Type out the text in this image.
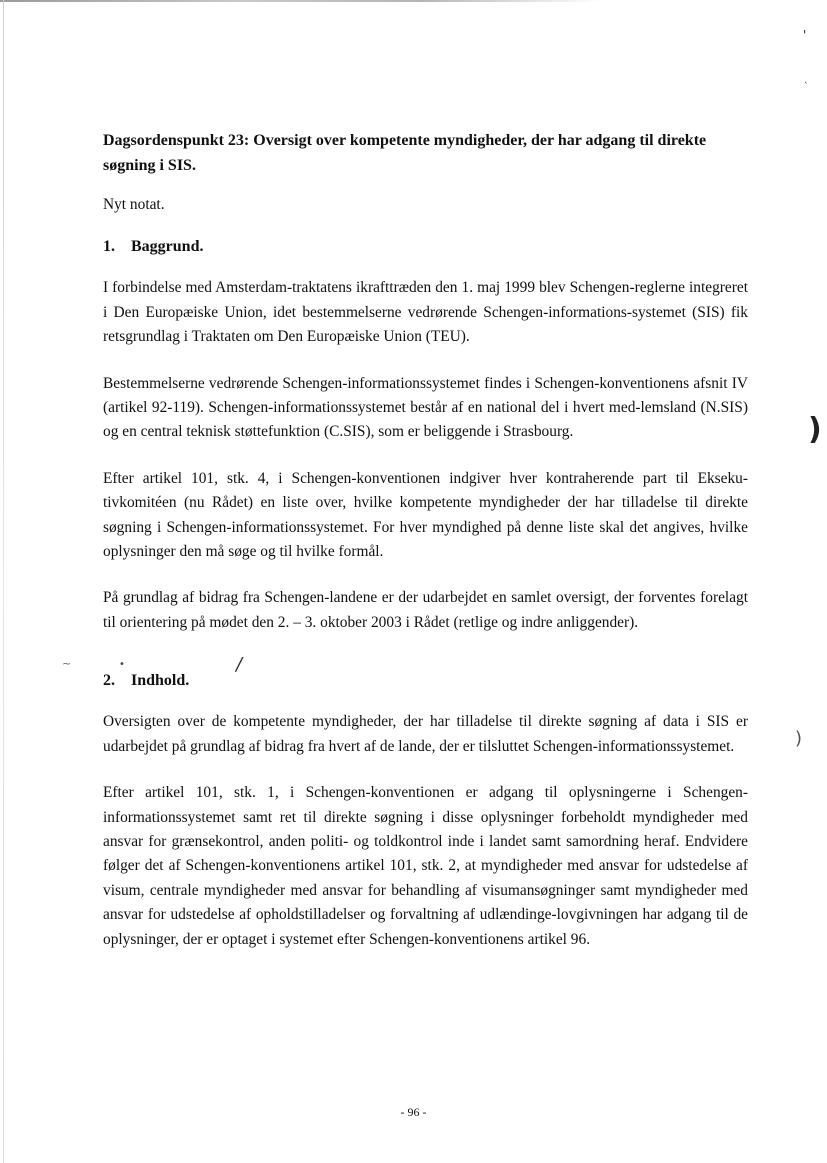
'
`
)
)
~	•	/

Dagsordenspunkt 23: Oversigt over kompetente myndigheder, der har adgang til direkte søgning i SIS.

Nyt notat.

1. Baggrund.

I forbindelse med Amsterdam-traktatens ikrafttræden den 1. maj 1999 blev Schengen-reglerne integreret i Den Europæiske Union, idet bestemmelserne vedrørende Schengen-informations-systemet (SIS) fik retsgrundlag i Traktaten om Den Europæiske Union (TEU).

Bestemmelserne vedrørende Schengen-informationssystemet findes i Schengen-konventionens afsnit IV (artikel 92-119). Schengen-informationssystemet består af en national del i hvert med-lemsland (N.SIS) og en central teknisk støttefunktion (C.SIS), som er beliggende i Strasbourg.

Efter artikel 101, stk. 4, i Schengen-konventionen indgiver hver kontraherende part til Ekseku-tivkomitéen (nu Rådet) en liste over, hvilke kompetente myndigheder der har tilladelse til direkte søgning i Schengen-informationssystemet. For hver myndighed på denne liste skal det angives, hvilke oplysninger den må søge og til hvilke formål.

På grundlag af bidrag fra Schengen-landene er der udarbejdet en samlet oversigt, der forventes forelagt til orientering på mødet den 2. – 3. oktober 2003 i Rådet (retlige og indre anliggender).

2. Indhold.

Oversigten over de kompetente myndigheder, der har tilladelse til direkte søgning af data i SIS er udarbejdet på grundlag af bidrag fra hvert af de lande, der er tilsluttet Schengen-informationssystemet.

Efter artikel 101, stk. 1, i Schengen-konventionen er adgang til oplysningerne i Schengen-informationssystemet samt ret til direkte søgning i disse oplysninger forbeholdt myndigheder med ansvar for grænsekontrol, anden politi- og toldkontrol inde i landet samt samordning heraf. Endvidere følger det af Schengen-konventionens artikel 101, stk. 2, at myndigheder med ansvar for udstedelse af visum, centrale myndigheder med ansvar for behandling af visumansøgninger samt myndigheder med ansvar for udstedelse af opholdstilladelser og forvaltning af udlændinge-lovgivningen har adgang til de oplysninger, der er optaget i systemet efter Schengen-konventionens artikel 96.

- 96 -
